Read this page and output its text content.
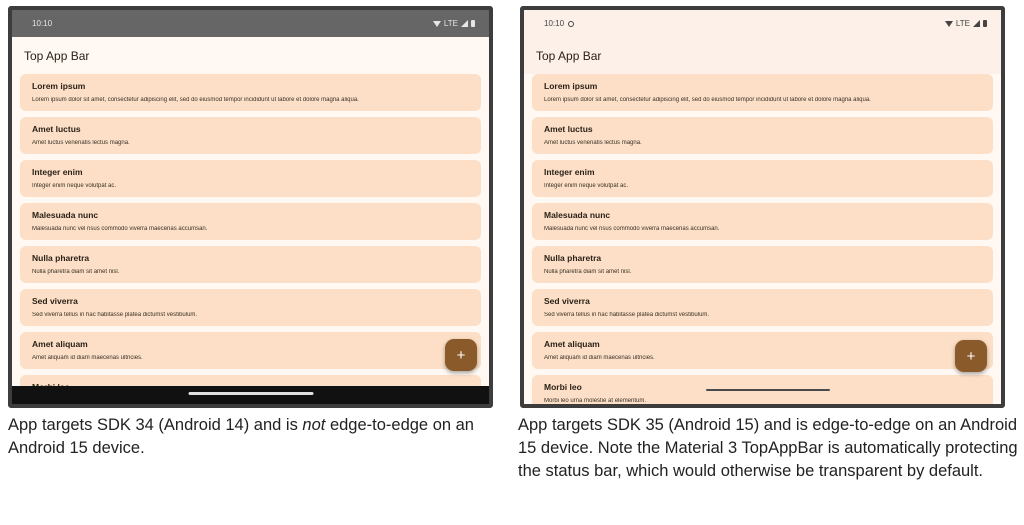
10:10	LTE
Top App Bar
Lorem ipsum
Lorem ipsum dolor sit amet, consectetur adipiscing elit, sed do eiusmod tempor incididunt ut labore et dolore magna aliqua.
Amet luctus
Amet luctus venenatis lectus magna.
Integer enim
Integer enim neque volutpat ac.
Malesuada nunc
Malesuada nunc vel risus commodo viverra maecenas accumsan.
Nulla pharetra
Nulla pharetra diam sit amet nisl.
Sed viverra
Sed viverra tellus in hac habitasse platea dictumst vestibulum.
Amet aliquam
Amet aliquam id diam maecenas ultricies.	+
10:10	LTE
Top App Bar
Lorem ipsum
Lorem ipsum dolor sit amet, consectetur adipiscing elit, sed do eiusmod tempor incididunt ut labore et dolore magna aliqua.
Amet luctus
Amet luctus venenatis lectus magna.
Integer enim
Integer enim neque volutpat ac.
Malesuada nunc
Malesuada nunc vel risus commodo viverra maecenas accumsan.
Nulla pharetra
Nulla pharetra diam sit amet nisl.
Sed viverra
Sed viverra tellus in hac habitasse platea dictumst vestibulum.
Amet aliquam
Amet aliquam id diam maecenas ultricies.
Morbi leo
Morbi leo urna molestie at elementum.
+
App targets SDK 34 (Android 14) and is not edge-to-edge on an Android 15 device.
App targets SDK 35 (Android 15) and is edge-to-edge on an Android 15 device. Note the Material 3 TopAppBar is automatically protecting the status bar, which would otherwise be transparent by default.
